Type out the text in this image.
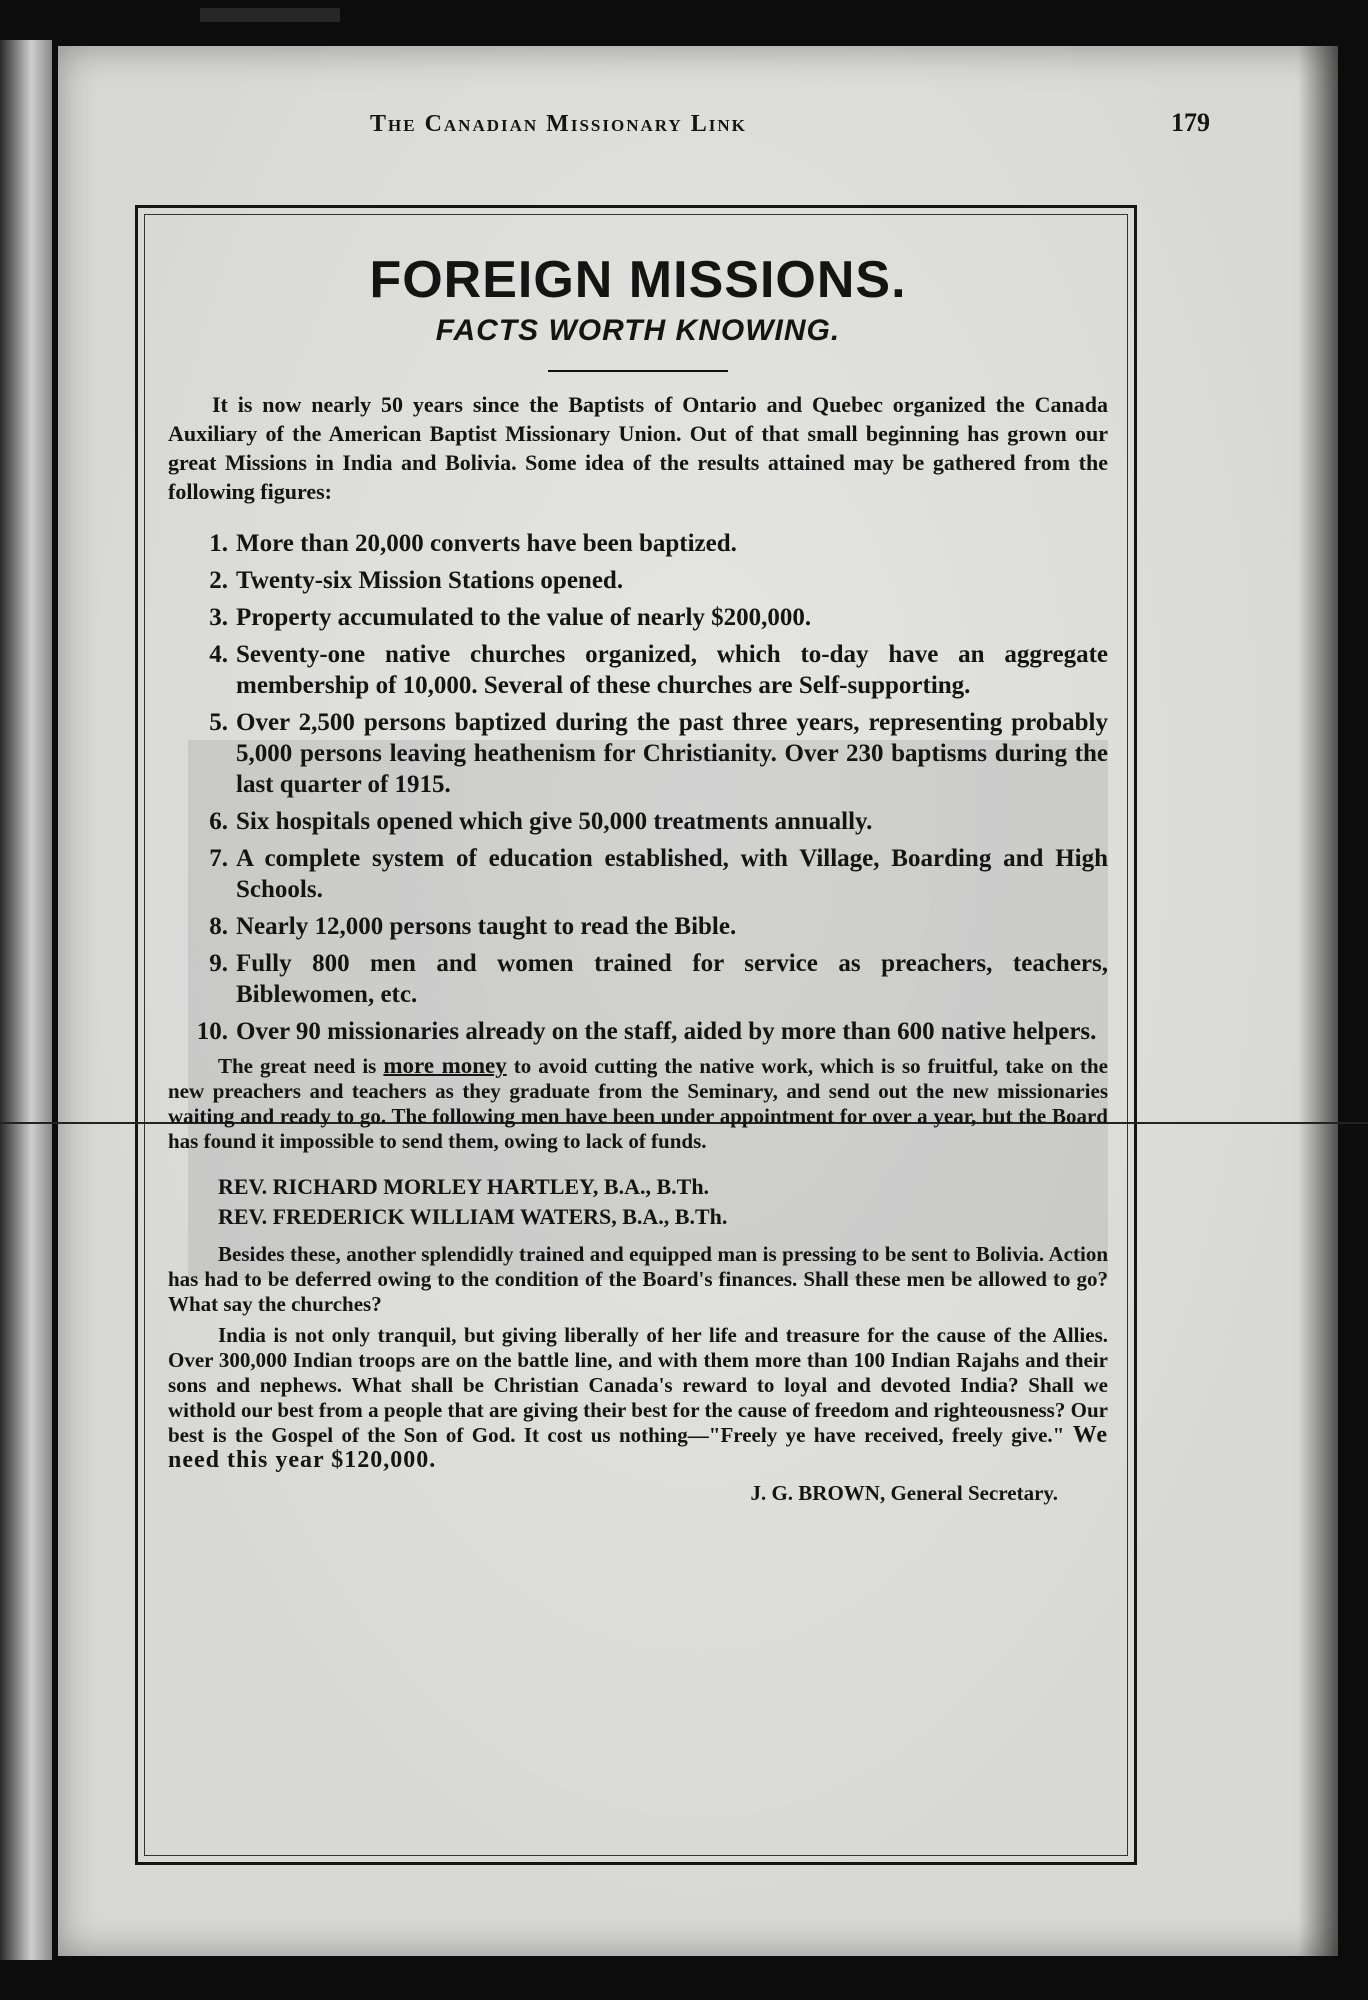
The Canadian Missionary Link	179
FOREIGN MISSIONS.
FACTS WORTH KNOWING.

It is now nearly 50 years since the Baptists of Ontario and Quebec organized the Canada Auxiliary of the American Baptist Missionary Union. Out of that small beginning has grown our great Missions in India and Bolivia. Some idea of the results attained may be gathered from the following figures:

1. More than 20,000 converts have been baptized.
2. Twenty-six Mission Stations opened.
3. Property accumulated to the value of nearly $200,000.
4. Seventy-one native churches organized, which to-day have an aggregate membership of 10,000. Several of these churches are Self-supporting.
5. Over 2,500 persons baptized during the past three years, representing probably 5,000 persons leaving heathenism for Christianity. Over 230 baptisms during the last quarter of 1915.
6. Six hospitals opened which give 50,000 treatments annually.
7. A complete system of education established, with Village, Boarding and High Schools.
8. Nearly 12,000 persons taught to read the Bible.
9. Fully 800 men and women trained for service as preachers, teachers, Biblewomen, etc.
10. Over 90 missionaries already on the staff, aided by more than 600 native helpers.

The great need is more money to avoid cutting the native work, which is so fruitful, take on the new preachers and teachers as they graduate from the Seminary, and send out the new missionaries waiting and ready to go. The following men have been under appointment for over a year, but the Board has found it impossible to send them, owing to lack of funds.

REV. RICHARD MORLEY HARTLEY, B.A., B.Th.
REV. FREDERICK WILLIAM WATERS, B.A., B.Th.

Besides these, another splendidly trained and equipped man is pressing to be sent to Bolivia. Action has had to be deferred owing to the condition of the Board's finances. Shall these men be allowed to go? What say the churches?

India is not only tranquil, but giving liberally of her life and treasure for the cause of the Allies. Over 300,000 Indian troops are on the battle line, and with them more than 100 Indian Rajahs and their sons and nephews. What shall be Christian Canada's reward to loyal and devoted India? Shall we withold our best from a people that are giving their best for the cause of freedom and righteousness? Our best is the Gospel of the Son of God. It cost us nothing—"Freely ye have received, freely give." We need this year $120,000.

J. G. BROWN, General Secretary.
